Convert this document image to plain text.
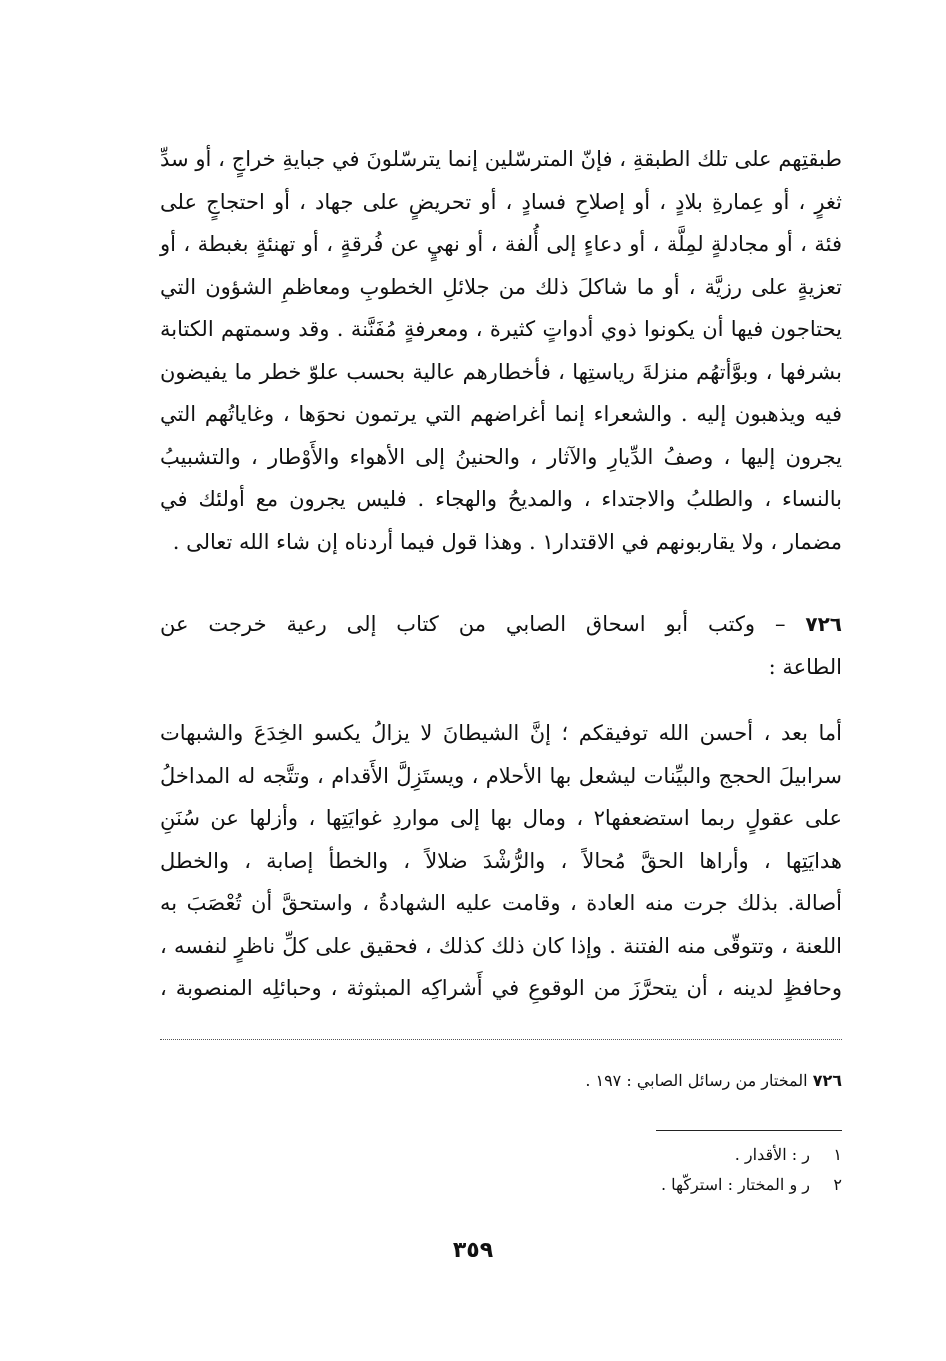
طبقتِهم على تلك الطبقةِ ، فإنّ المترسّلين إنما يترسّلونَ في جبايةِ خراجٍ ، أو سدِّ
ثغرٍ ، أو عِمارةِ بلادٍ ، أو إصلاحِ فسادٍ ، أو تحريضٍ على جهاد ، أو احتجاجٍ على
فئة ، أو مجادلةٍ لمِلَّة ، أو دعاءٍ إلى أُلفة ، أو نهيٍ عن فُرقةٍ ، أو تهنئةٍ بغبطة ، أو
تعزيةٍ على رزيَّة ، أو ما شاكلَ ذلك من جلائلِ الخطوبِ ومعاظمِ الشؤون التي
يحتاجون فيها أن يكونوا ذوي أدواتٍ كثيرة ، ومعرفةٍ مُفَنَّنة . وقد وسمتهم الكتابة
بشرفها ، وبوَّأتهُم منزلةَ رياستِها ، فأخطارهم عالية بحسب علوّ خطر ما يفيضون
فيه ويذهبون إليه . والشعراء إنما أغراضهم التي يرتمون نحوَها ، وغاياتُهم التي
يجرون إليها ، وصفُ الدِّيارِ والآثار ، والحنينُ إلى الأهواء والأَوْطار ، والتشبيبُ
بالنساء ، والطلبُ والاجتداء ، والمديحُ والهجاء . فليس يجرون مع أولئك في
مضمار ، ولا يقاربونهم في الاقتدار١ . وهذا قول فيما أردناه إن شاء الله تعالى .
٧٢٦ – وكتب أبو اسحاق الصابي من كتاب إلى رعية خرجت عن
الطاعة :
أما بعد ، أحسن الله توفيقكم ؛ إنَّ الشيطانَ لا يزالُ يكسو الخِدَعَ والشبهات
سرابيلَ الحجج والبيِّنات ليشعل بها الأحلام ، ويستَزِلَّ الأَقدام ، وتتَّجه له المداخلُ
على عقولٍ ربما استضعفها٢ ، ومال بها إلى مواردِ غوايَتِها ، وأزلها عن سُنَنِ
هدايَتِها ، وأراها الحقَّ مُحالاً ، والرُّشْدَ ضلالاً ، والخطأ إصابة ، والخطل
أصالة. بذلك جرت منه العادة ، وقامت عليه الشهادةُ ، واستحقَّ أن تُعْصَبَ به
اللعنة ، وتتوقّى منه الفتنة . وإذا كان ذلك كذلك ، فحقيق على كلِّ ناظرٍ لنفسه ،
وحافظٍ لدينه ، أن يتحرَّزَ من الوقوعِ في أَشراكِه المبثوثة ، وحبائلِه المنصوبة ،
٧٢٦ المختار من رسائل الصابي : ١٩٧ .
١ر : الأقدار .
٢ر و المختار : استركّها .
٣٥٩
